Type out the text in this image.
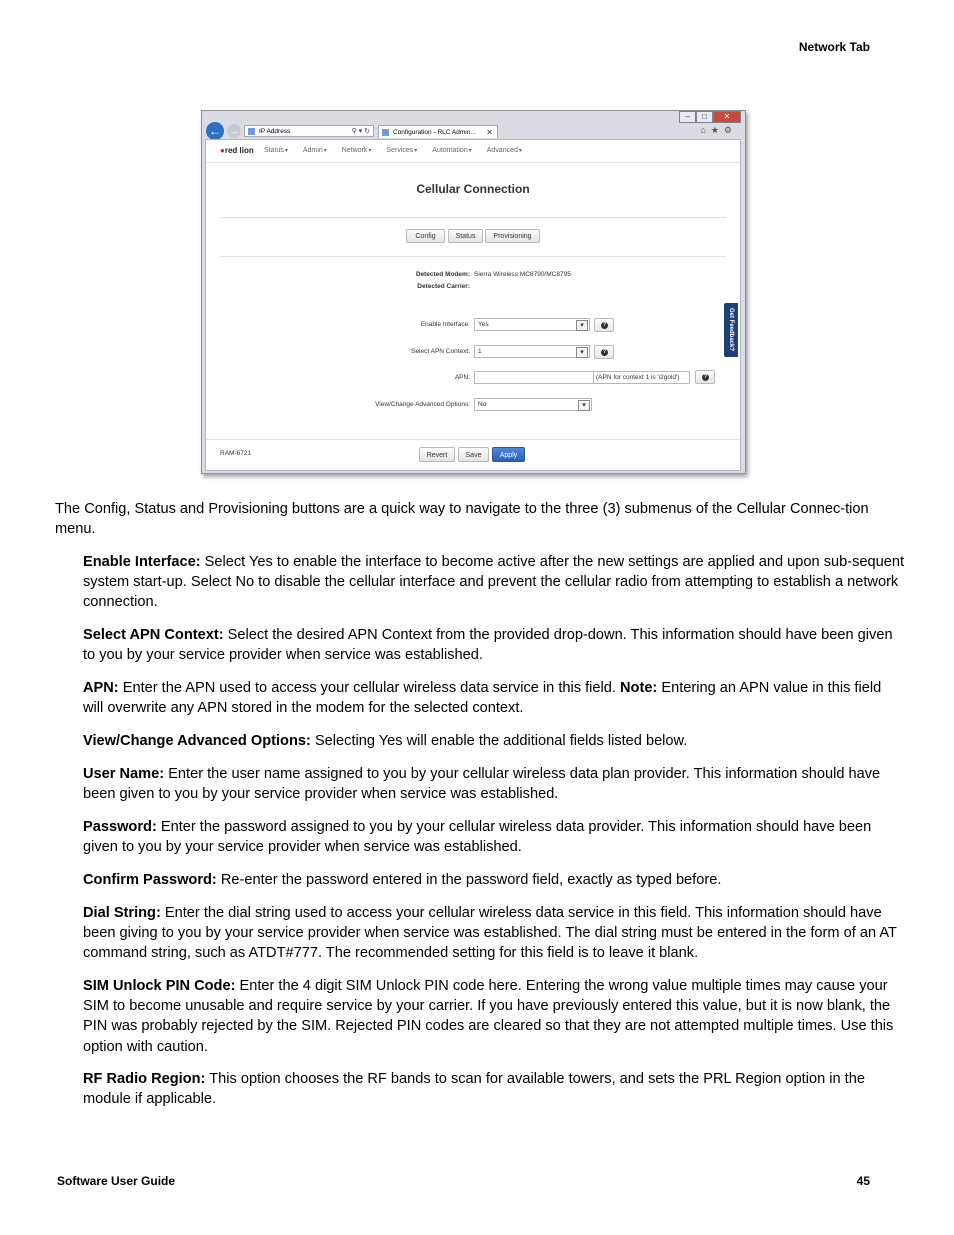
Network Tab
–	□	✕
← →	IP Address	⚲ ▾ ↻	Configuration - RLC Admin... ✕	⌂★⚙
●red lion Status ▾	Admin ▾	Network ▾	Services ▾	Automation ▾	Advanced ▾
Cellular Connection
Config	Status	Provisioning
Detected Modem: Sierra Wireless MC8790/MC8795
Detected Carrier:
Enable Interface:	Yes	▾	?
Select APN Context:	1	▾	?
APN:	(APN for context 1 is 'i2gold')	?
View/Change Advanced Options:	No	▾
Get Feedback?
RAM-6721	Revert	Save	Apply

The Config, Status and Provisioning buttons are a quick way to navigate to the three (3) submenus of the Cellular Connec-tion menu.

Enable Interface: Select Yes to enable the interface to become active after the new settings are applied and upon sub-sequent system start-up. Select No to disable the cellular interface and prevent the cellular radio from attempting to establish a network connection.

Select APN Context: Select the desired APN Context from the provided drop-down. This information should have been given to you by your service provider when service was established.

APN: Enter the APN used to access your cellular wireless data service in this field. Note: Entering an APN value in this field will overwrite any APN stored in the modem for the selected context.

View/Change Advanced Options: Selecting Yes will enable the additional fields listed below.

User Name: Enter the user name assigned to you by your cellular wireless data plan provider. This information should have been given to you by your service provider when service was established.

Password: Enter the password assigned to you by your cellular wireless data provider. This information should have been given to you by your service provider when service was established.

Confirm Password: Re-enter the password entered in the password field, exactly as typed before.

Dial String: Enter the dial string used to access your cellular wireless data service in this field. This information should have been giving to you by your service provider when service was established. The dial string must be entered in the form of an AT command string, such as ATDT#777. The recommended setting for this field is to leave it blank.

SIM Unlock PIN Code: Enter the 4 digit SIM Unlock PIN code here. Entering the wrong value multiple times may cause your SIM to become unusable and require service by your carrier. If you have previously entered this value, but it is now blank, the PIN was probably rejected by the SIM. Rejected PIN codes are cleared so that they are not attempted multiple times. Use this option with caution.

RF Radio Region: This option chooses the RF bands to scan for available towers, and sets the PRL Region option in the module if applicable.

Software User Guide	45
